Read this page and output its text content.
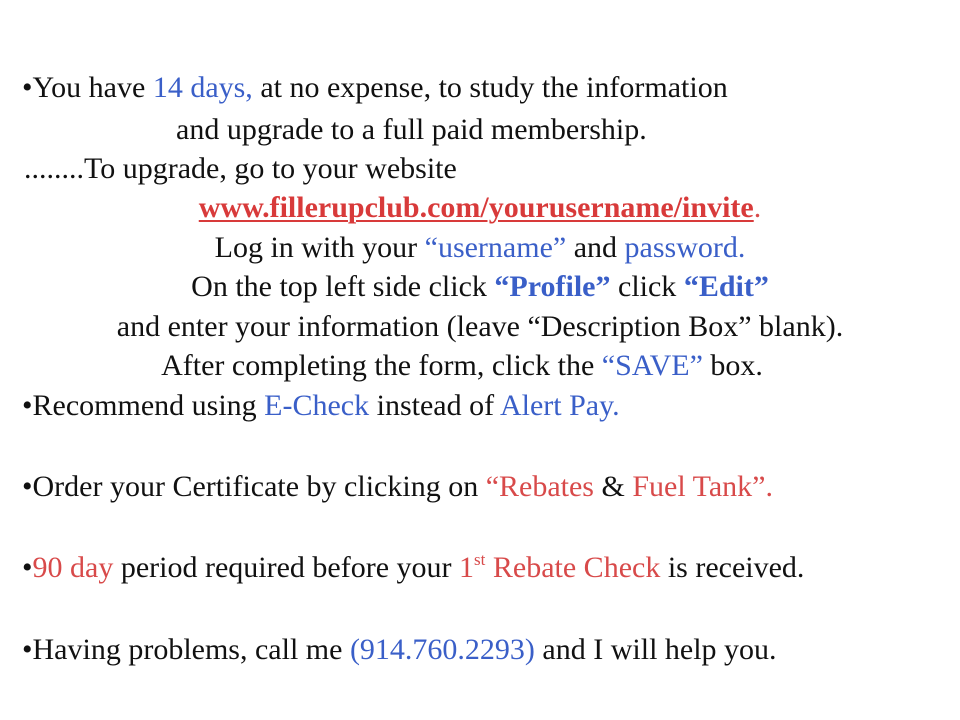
•You have 14 days, at no expense, to study the information
and upgrade to a full paid membership.
........To upgrade, go to your website
www.fillerupclub.com/yourusername/invite.
Log in with your “username” and password.
On the top left side click “Profile” click “Edit”
and enter your information (leave “Description Box” blank).
After completing the form, click the “SAVE” box.
•Recommend using E-Check instead of Alert Pay.
•Order your Certificate by clicking on “Rebates & Fuel Tank”.
•90 day period required before your 1st Rebate Check is received.
•Having problems, call me (914.760.2293) and I will help you.
